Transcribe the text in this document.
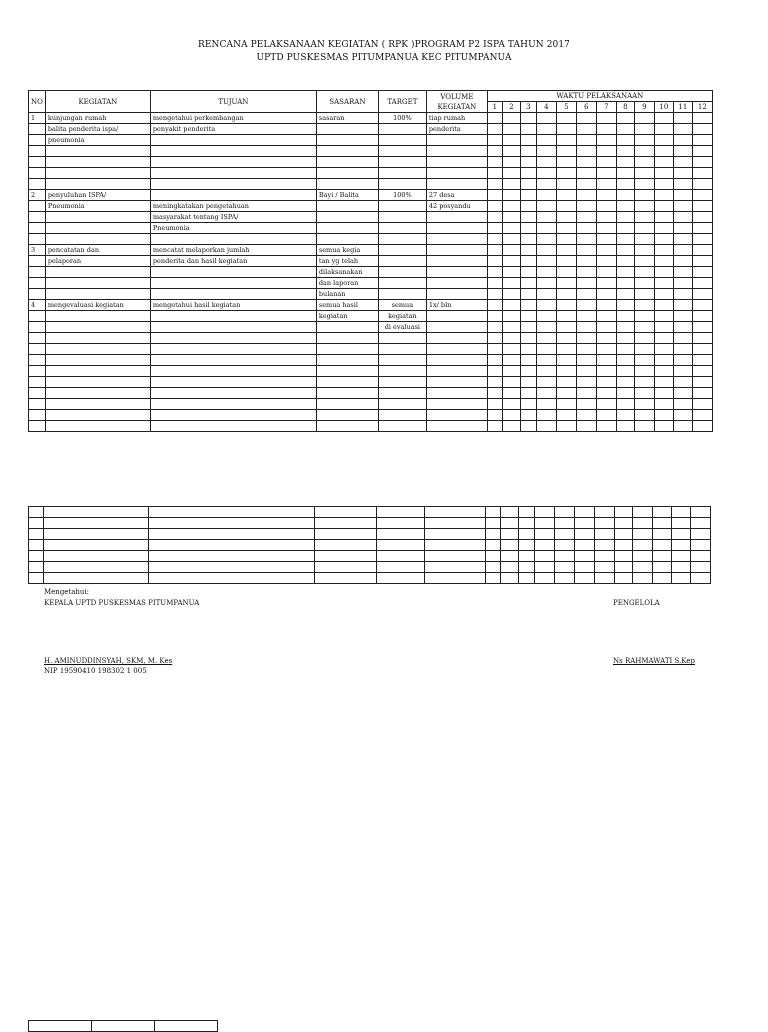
RENCANA PELAKSANAAN KEGIATAN ( RPK )PROGRAM P2 ISPA TAHUN 2017
UPTD PUSKESMAS PITUMPANUA KEC PITUMPANUA
NO	KEGIATAN	TUJUAN	SASARAN	TARGET	VOLUME KEGIATAN	WAKTU PELAKSANAAN											
						1	2	3	4	5	6	7	8	9	10	11	12
1	kunjungan rumah	mengetahui perkembangan	sasaran	100%	tiap rumah												
	balita penderita ispa/	penyakit penderita			penderita												
	pneumonia																

2	penyuluhan ISPA/		Bayi / Balita	100%	27 desa												
	Pneumonia	meningkatakan pengetahuan			42 posyandu												
		masyarakat tentang ISPA/															
		Pneumonia															

3	pencatatan dan	mencatat melaporkan jumlah	semua kegia														
	pelaporan	penderita dan hasil kegiatan	tan yg telah														
			dilaksanakan														
			dan laporan														
			bulanan														
4	mengevaluasi kegiatan	mengetahui hasil kegiatan	semua hasil	semua	1x/ bln												
			kegiatan	kegiatan													
				di evaluasi													

Mengetahui:
KEPALA UPTD PUSKESMAS PITUMPANUA	PENGELOLA
H. AMINUDDINSYAH, SKM, M. Kes
NIP 19590410 198302 1 005
Ns RAHMAWATI S.Kep
